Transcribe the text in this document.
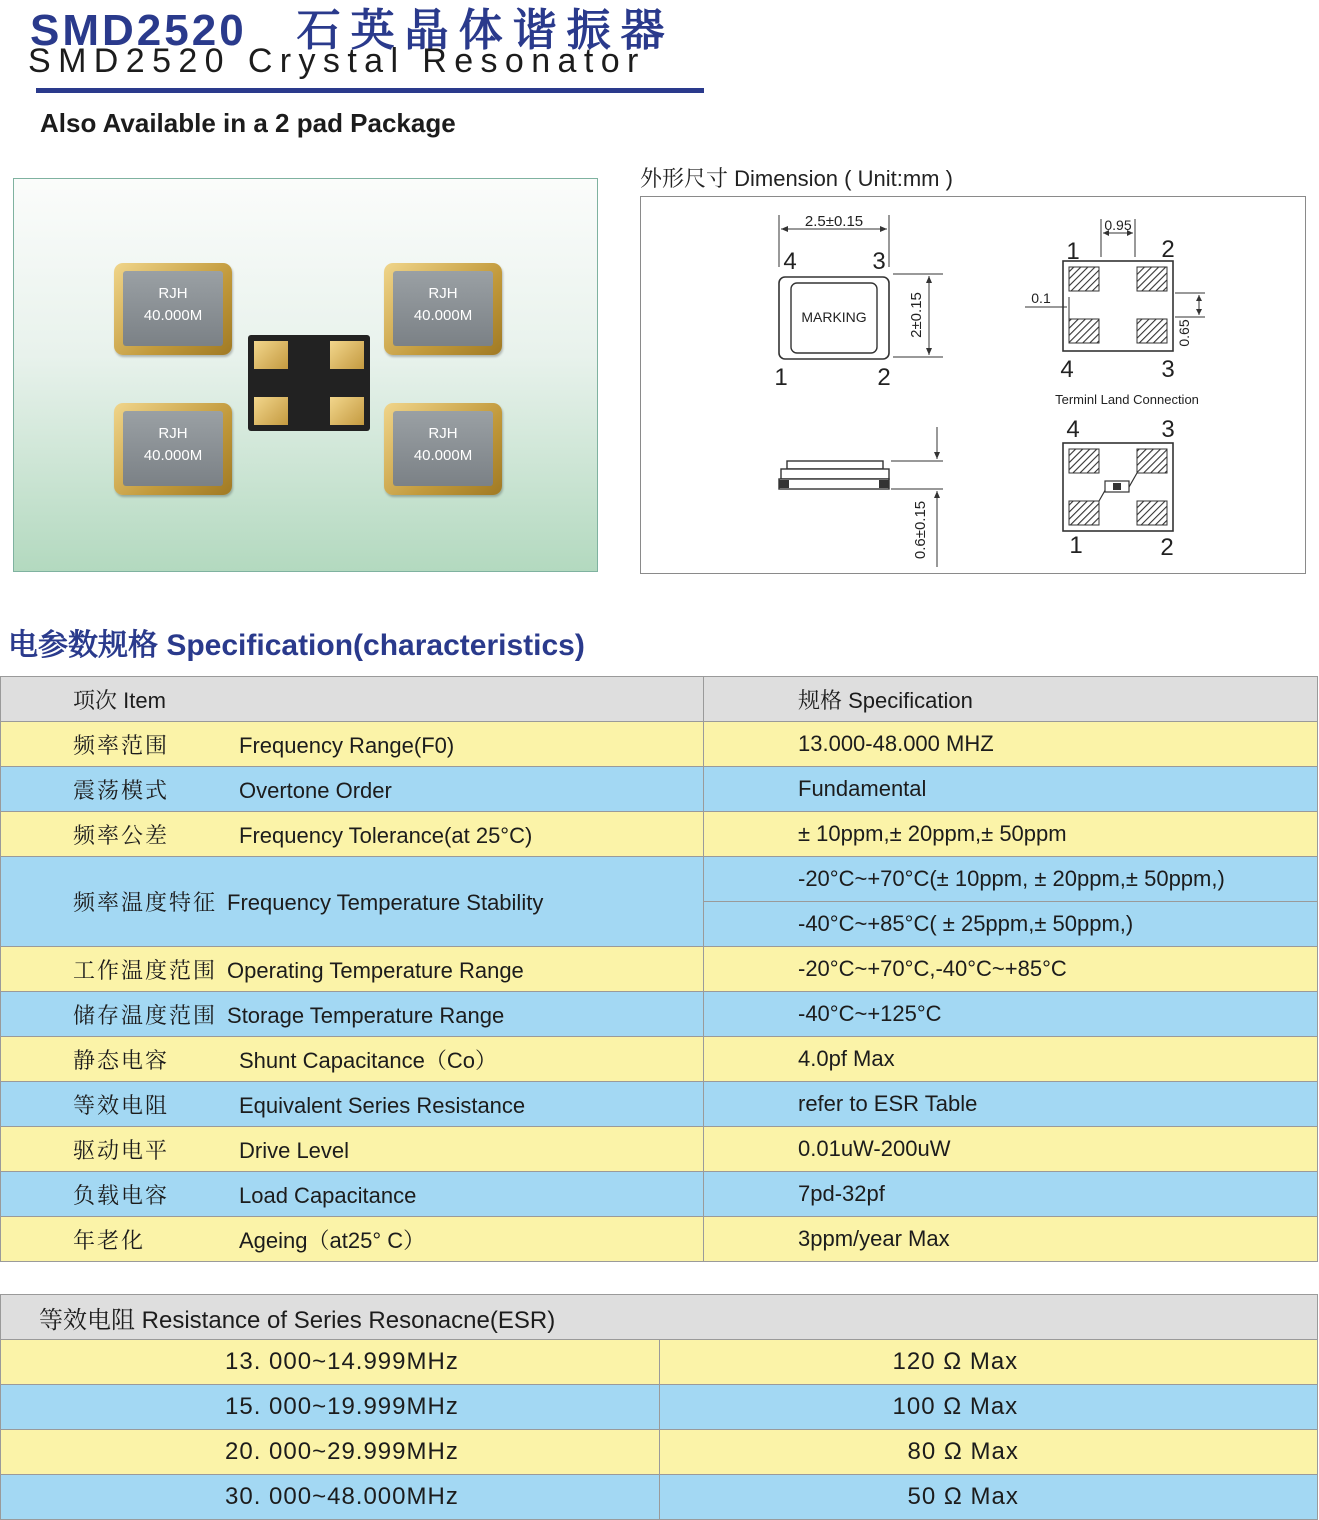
SMD2520 石英晶体谐振器
SMD2520 Crystal Resonator
Also Available in a 2 pad Package
RJH
40.000M
RJH
40.000M
RJH
40.000M
RJH
40.000M
外形尺寸 Dimension ( Unit:mm )
2.5±0.15
MARKING
4	3
1	2
2±0.15
0.6±0.15
0.95
1	2
4	3
0.1
0.65
Terminl Land Connection
4	3
1	2
电参数规格 Specification(characteristics)
项次 Item	规格 Specification
频率范围 Frequency Range(F0)	13.000-48.000 MHZ
震荡模式 Overtone Order	Fundamental
频率公差 Frequency Tolerance(at 25°C)	± 10ppm,± 20ppm,± 50ppm
频率温度特征 Frequency Temperature Stability	-20°C~+70°C(± 10ppm, ± 20ppm,± 50ppm,)
	-40°C~+85°C( ± 25ppm,± 50ppm,)
工作温度范围 Operating Temperature Range	-20°C~+70°C,-40°C~+85°C
储存温度范围 Storage Temperature Range	-40°C~+125°C
静态电容 Shunt Capacitance（Co）	4.0pf Max
等效电阻 Equivalent Series Resistance	refer to ESR Table
驱动电平 Drive Level	0.01uW-200uW
负载电容 Load Capacitance	7pd-32pf
年老化 Ageing（at25° C）	3ppm/year Max
等效电阻 Resistance of Series Resonacne(ESR)	
13. 000~14.999MHz	120 Ω Max
15. 000~19.999MHz	100 Ω Max
20. 000~29.999MHz	80 Ω Max
30. 000~48.000MHz	50 Ω Max
